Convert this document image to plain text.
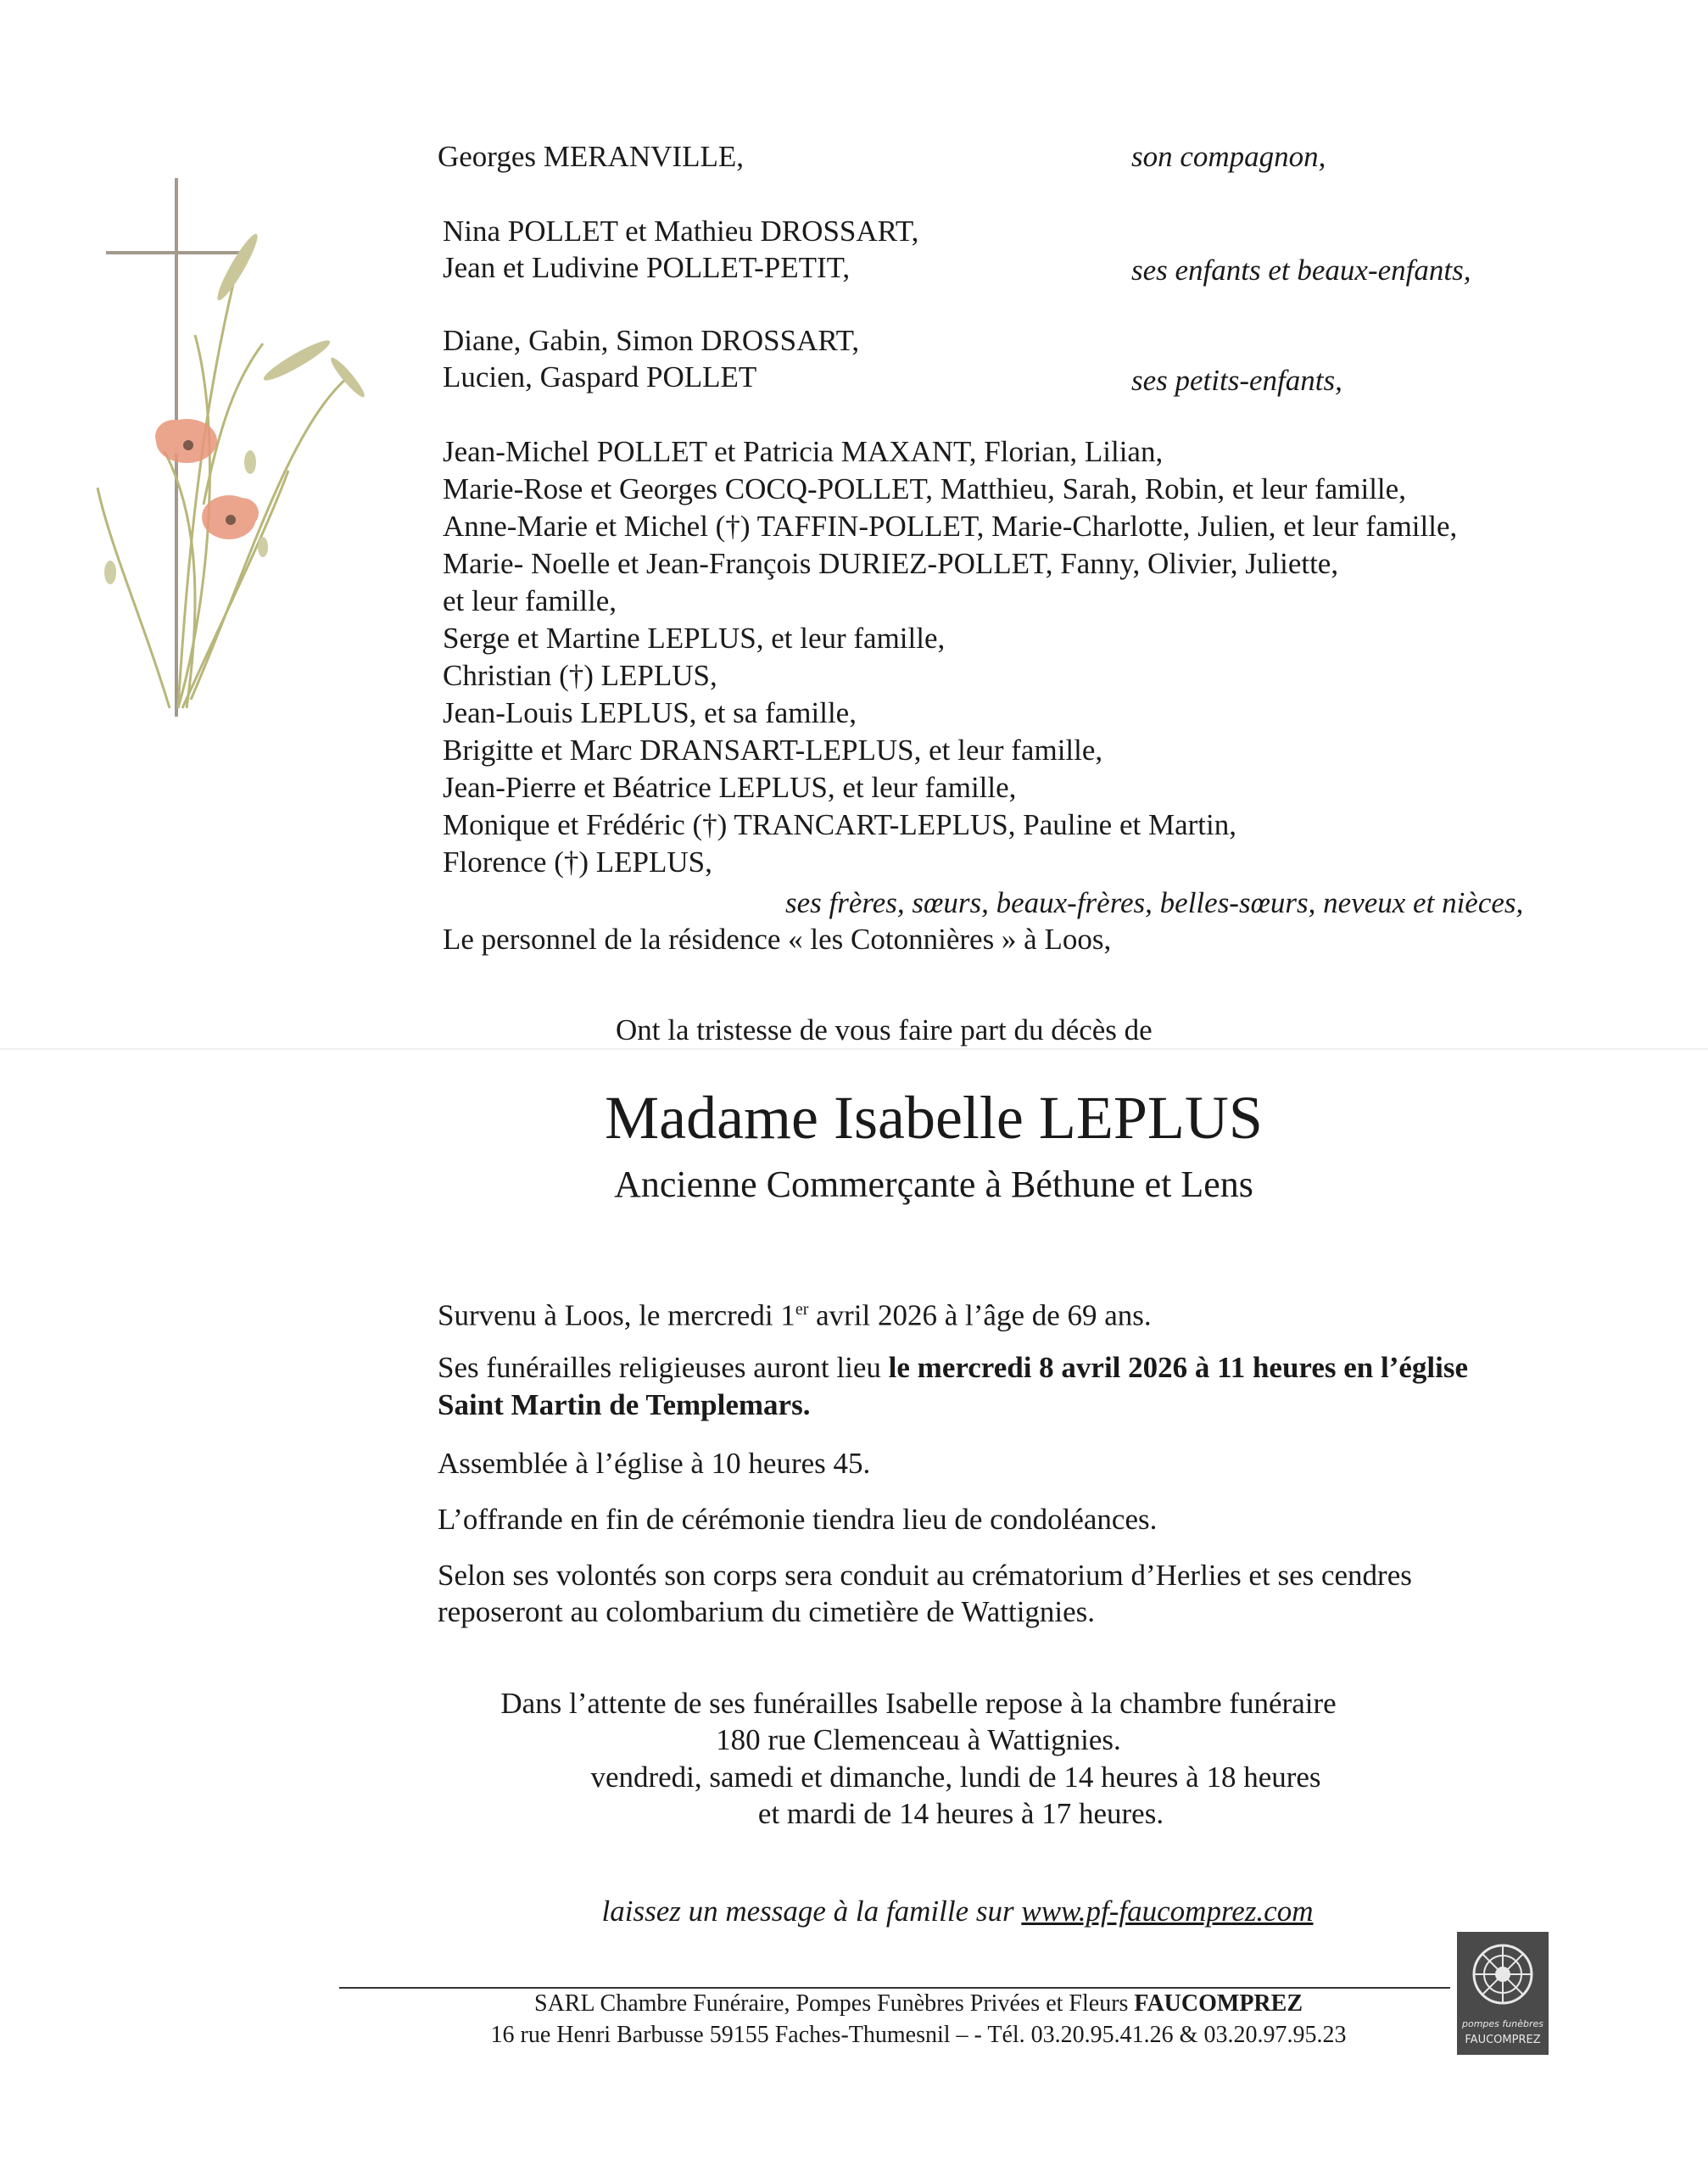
Georges MERANVILLE,	son compagnon,
Nina POLLET et Mathieu DROSSART,
Jean et Ludivine POLLET-PETIT,	ses enfants et beaux-enfants,
Diane, Gabin, Simon DROSSART,
Lucien, Gaspard POLLET	ses petits-enfants,
Jean-Michel POLLET et Patricia MAXANT, Florian, Lilian,
Marie-Rose et Georges COCQ-POLLET, Matthieu, Sarah, Robin, et leur famille,
Anne-Marie et Michel (†) TAFFIN-POLLET, Marie-Charlotte, Julien, et leur famille,
Marie- Noelle et Jean-François DURIEZ-POLLET, Fanny, Olivier, Juliette,
et leur famille,
Serge et Martine LEPLUS, et leur famille,
Christian (†) LEPLUS,
Jean-Louis LEPLUS, et sa famille,
Brigitte et Marc DRANSART-LEPLUS, et leur famille,
Jean-Pierre et Béatrice LEPLUS, et leur famille,
Monique et Frédéric (†) TRANCART-LEPLUS, Pauline et Martin,
Florence (†) LEPLUS,
ses frères, sœurs, beaux-frères, belles-sœurs, neveux et nièces,
Le personnel de la résidence « les Cotonnières » à Loos,
Ont la tristesse de vous faire part du décès de
Madame Isabelle LEPLUS
Ancienne Commerçante à Béthune et Lens
Survenu à Loos, le mercredi 1er avril 2026 à l’âge de 69 ans.
Ses funérailles religieuses auront lieu le mercredi 8 avril 2026 à 11 heures en l’église
Saint Martin de Templemars.
Assemblée à l’église à 10 heures 45.
L’offrande en fin de cérémonie tiendra lieu de condoléances.
Selon ses volontés son corps sera conduit au crématorium d’Herlies et ses cendres
reposeront au colombarium du cimetière de Wattignies.
Dans l’attente de ses funérailles Isabelle repose à la chambre funéraire
180 rue Clemenceau à Wattignies.
vendredi, samedi et dimanche, lundi de 14 heures à 18 heures
et mardi de 14 heures à 17 heures.
laissez un message à la famille sur www.pf-faucomprez.com
SARL Chambre Funéraire, Pompes Funèbres Privées et Fleurs FAUCOMPREZ
16 rue Henri Barbusse 59155 Faches-Thumesnil – - Tél. 03.20.95.41.26 & 03.20.97.95.23	pompes funèbres
FAUCOMPREZ
